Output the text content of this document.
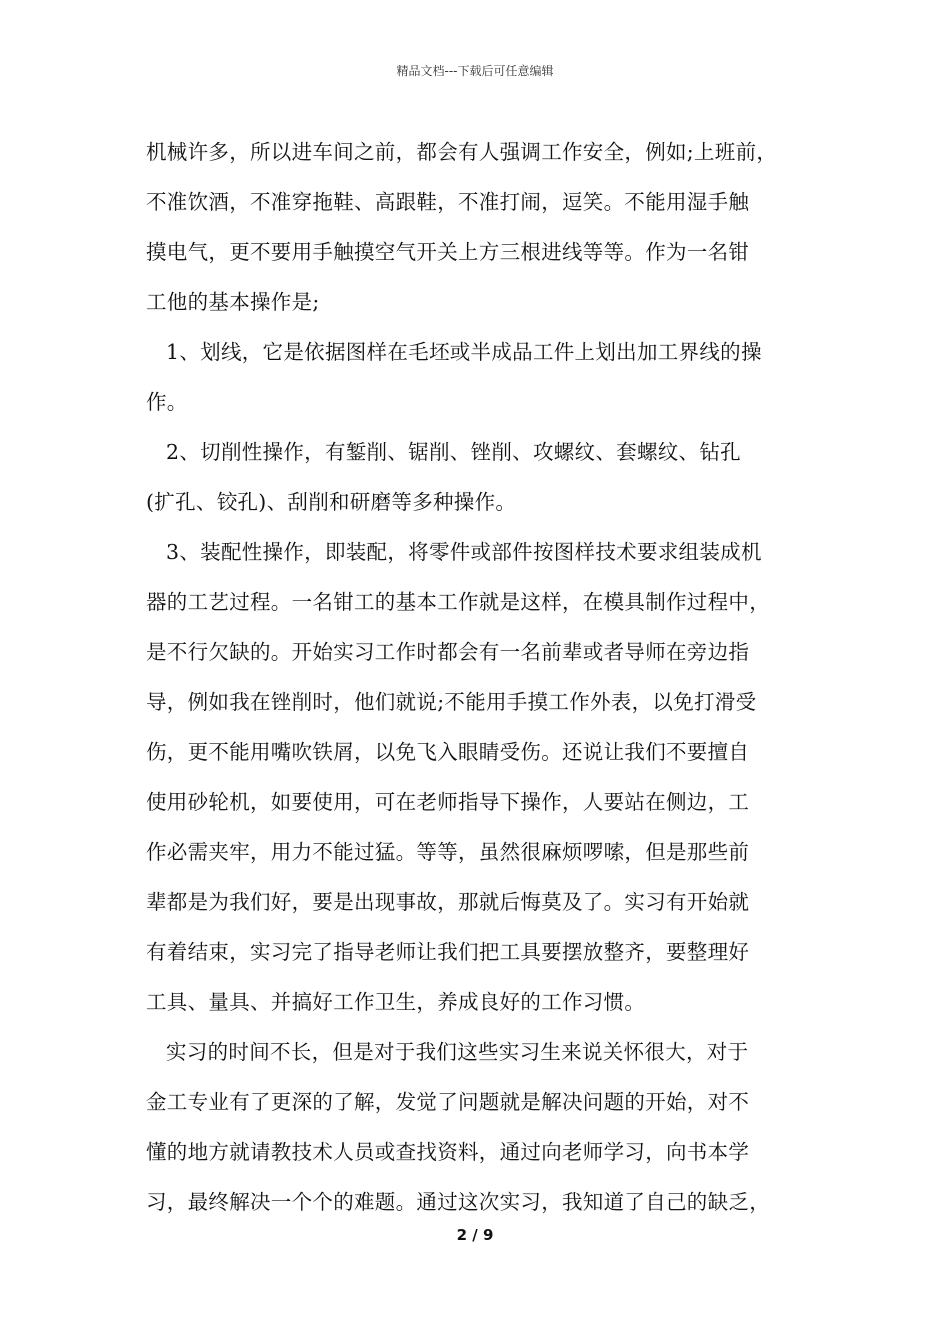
精品文档---下载后可任意编辑
机械许多，所以进车间之前，都会有人强调工作安全，例如;上班前，
不准饮酒，不准穿拖鞋、高跟鞋，不准打闹，逗笑。不能用湿手触
摸电气，更不要用手触摸空气开关上方三根进线等等。作为一名钳
工他的基本操作是;
1、划线，它是依据图样在毛坯或半成品工件上划出加工界线的操
作。
2、切削性操作，有錾削、锯削、锉削、攻螺纹、套螺纹、钻孔
(扩孔、铰孔)、刮削和研磨等多种操作。
3、装配性操作，即装配，将零件或部件按图样技术要求组装成机
器的工艺过程。一名钳工的基本工作就是这样，在模具制作过程中，
是不行欠缺的。开始实习工作时都会有一名前辈或者导师在旁边指
导，例如我在锉削时，他们就说;不能用手摸工作外表，以免打滑受
伤，更不能用嘴吹铁屑，以免飞入眼睛受伤。还说让我们不要擅自
使用砂轮机，如要使用，可在老师指导下操作，人要站在侧边，工
作必需夹牢，用力不能过猛。等等，虽然很麻烦啰嗦，但是那些前
辈都是为我们好，要是出现事故，那就后悔莫及了。实习有开始就
有着结束，实习完了指导老师让我们把工具要摆放整齐，要整理好
工具、量具、并搞好工作卫生，养成良好的工作习惯。
实习的时间不长，但是对于我们这些实习生来说关怀很大，对于
金工专业有了更深的了解，发觉了问题就是解决问题的开始，对不
懂的地方就请教技术人员或查找资料，通过向老师学习，向书本学
习，最终解决一个个的难题。通过这次实习，我知道了自己的缺乏，
2 / 9
